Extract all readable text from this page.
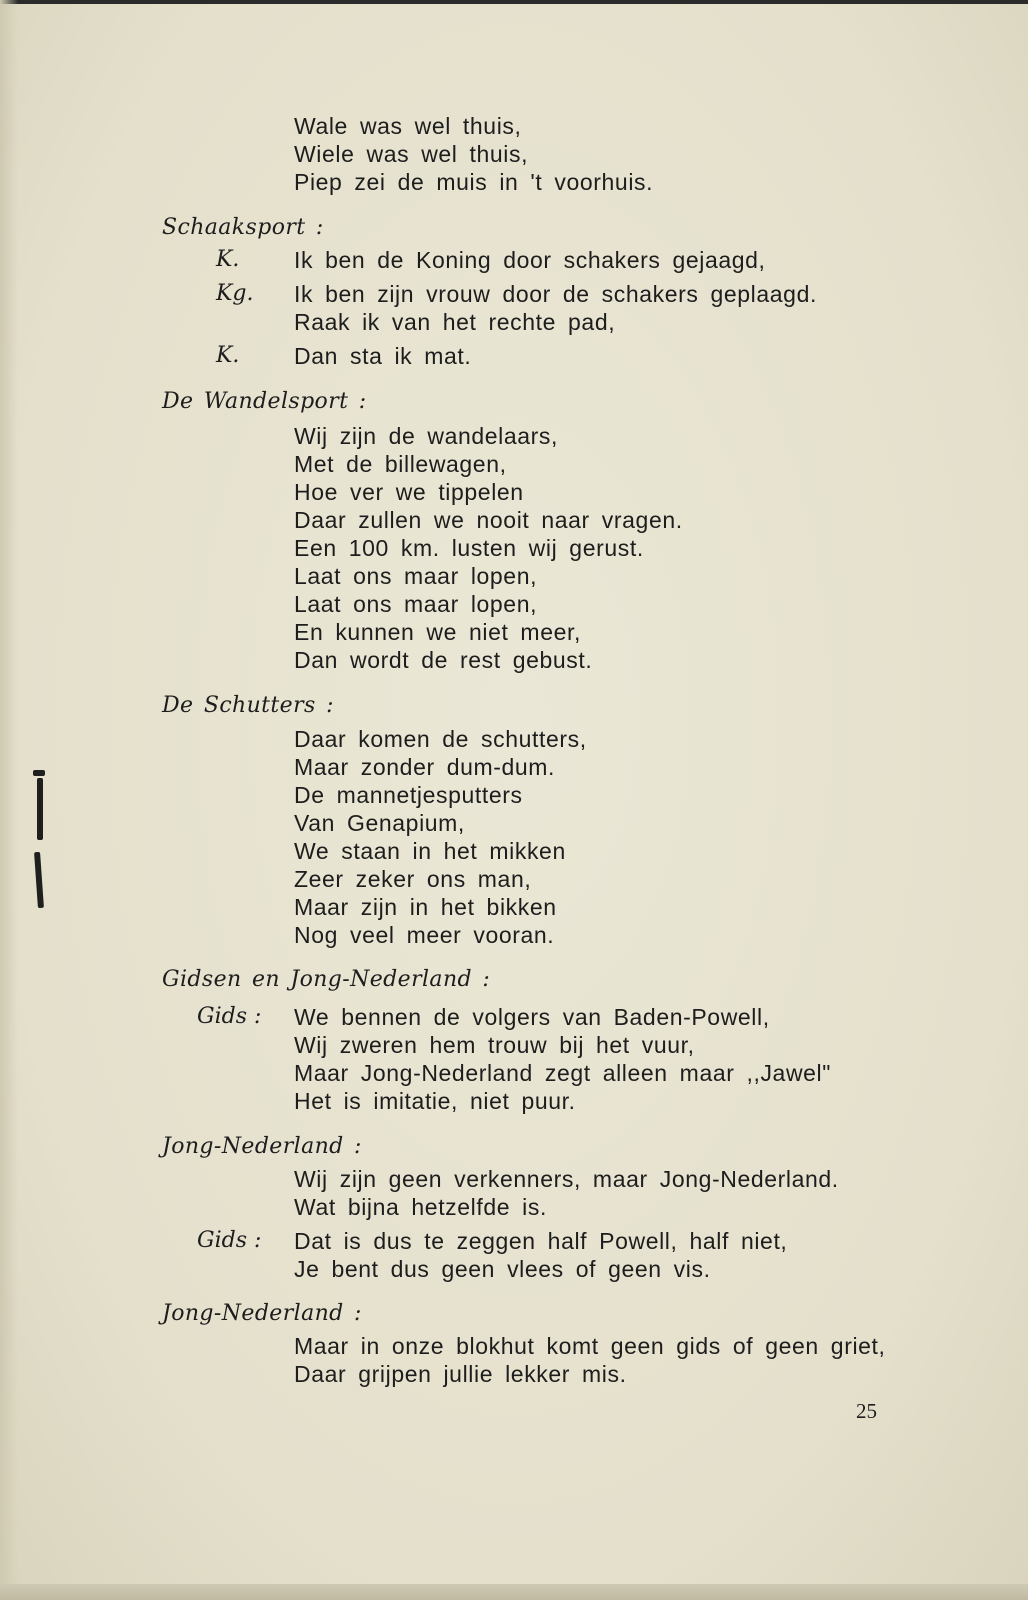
Wale was wel thuis,
Wiele was wel thuis,
Piep zei de muis in 't voorhuis.
Schaaksport :
K. Ik ben de Koning door schakers gejaagd,
Kg. Ik ben zijn vrouw door de schakers geplaagd.
Raak ik van het rechte pad,
K. Dan sta ik mat.
De Wandelsport :
Wij zijn de wandelaars,
Met de billewagen,
Hoe ver we tippelen
Daar zullen we nooit naar vragen.
Een 100 km. lusten wij gerust.
Laat ons maar lopen,
Laat ons maar lopen,
En kunnen we niet meer,
Dan wordt de rest gebust.
De Schutters :
Daar komen de schutters,
Maar zonder dum-dum.
De mannetjesputters
Van Genapium,
We staan in het mikken
Zeer zeker ons man,
Maar zijn in het bikken
Nog veel meer vooran.
Gidsen en Jong-Nederland :
Gids : We bennen de volgers van Baden-Powell,
Wij zweren hem trouw bij het vuur,
Maar Jong-Nederland zegt alleen maar ,,Jawel"
Het is imitatie, niet puur.
Jong-Nederland :
Wij zijn geen verkenners, maar Jong-Nederland.
Wat bijna hetzelfde is.
Gids : Dat is dus te zeggen half Powell, half niet,
Je bent dus geen vlees of geen vis.
Jong-Nederland :
Maar in onze blokhut komt geen gids of geen griet,
Daar grijpen jullie lekker mis.
25
